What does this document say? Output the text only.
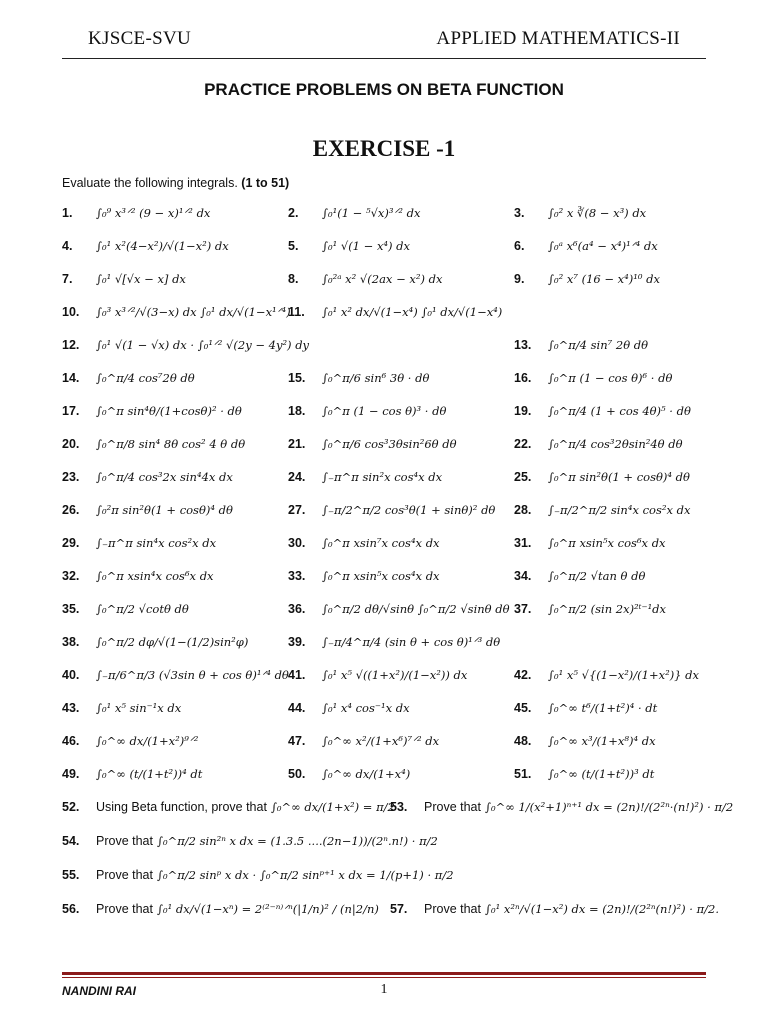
KJSCE-SVU	APPLIED MATHEMATICS-II
PRACTICE PROBLEMS ON BETA FUNCTION
EXERCISE -1
Evaluate the following integrals. (1 to 51)
1.	∫₀⁹ x³ᐟ² (9 − x)¹ᐟ² dx	2.	∫₀¹(1 − ⁵√x)³ᐟ² dx	3.	∫₀² x ∛(8 − x³) dx
4.	∫₀¹ x²(4−x²)/√(1−x²) dx	5.	∫₀¹ √(1 − x⁴) dx	6.	∫₀ᵃ x⁶(a⁴ − x⁴)¹ᐟ⁴ dx
7.	∫₀¹ √[√x − x] dx	8.	∫₀²ᵃ x² √(2ax − x²) dx	9.	∫₀² x⁷ (16 − x⁴)¹⁰ dx
10.	∫₀³ x³ᐟ²/√(3−x) dx ∫₀¹ dx/√(1−x¹ᐟ⁴)
11.	∫₀¹ x² dx/√(1−x⁴) ∫₀¹ dx/√(1−x⁴)
12.	∫₀¹ √(1 − √x) dx · ∫₀¹ᐟ² √(2y − 4y²) dy	13.	∫₀^π/4 sin⁷ 2θ dθ
14.	∫₀^π/4 cos⁷2θ dθ	15.	∫₀^π/6 sin⁶ 3θ · dθ	16.	∫₀^π (1 − cos θ)⁶ · dθ
17.	∫₀^π sin⁴θ/(1+cosθ)² · dθ	18.	∫₀^π (1 − cos θ)³ · dθ	19.	∫₀^π/4 (1 + cos 4θ)⁵ · dθ
20.	∫₀^π/8 sin⁴ 8θ cos² 4 θ dθ	21.	∫₀^π/6 cos³3θsin²6θ dθ	22.	∫₀^π/4 cos³2θsin²4θ dθ
23.	∫₀^π/4 cos³2x sin⁴4x dx	24.	∫₋π^π sin²x cos⁴x dx	25.	∫₀^π sin²θ(1 + cosθ)⁴ dθ
26.	∫₀²π sin²θ(1 + cosθ)⁴ dθ	27.	∫₋π/2^π/2 cos³θ(1 + sinθ)² dθ 28.	∫₋π/2^π/2 sin⁴x cos²x dx
29.	∫₋π^π sin⁴x cos²x dx	30.	∫₀^π xsin⁷x cos⁴x dx	31.	∫₀^π xsin⁵x cos⁶x dx
32.	∫₀^π xsin⁴x cos⁶x dx	33.	∫₀^π xsin⁵x cos⁴x dx	34.	∫₀^π/2 √tan θ dθ
35.	∫₀^π/2 √cotθ dθ	36.	∫₀^π/2 dθ/√sinθ ∫₀^π/2 √sinθ dθ 37.	∫₀^π/2 (sin 2x)²ᵗ⁻¹dx
38.	∫₀^π/2 dφ/√(1−(1/2)sin²φ)	39.	∫₋π/4^π/4 (sin θ + cos θ)¹ᐟ³ dθ
40.	∫₋π/6^π/3 (√3sin θ + cos θ)¹ᐟ⁴ dθ 41.	∫₀¹ x⁵ √((1+x²)/(1−x²)) dx	42.	∫₀¹ x⁵ √{(1−x²)/(1+x²)} dx
43.	∫₀¹ x⁵ sin⁻¹x dx	44.	∫₀¹ x⁴ cos⁻¹x dx	45.	∫₀^∞ t⁶/(1+t²)⁴ · dt
46.	∫₀^∞ dx/(1+x²)⁹ᐟ²	47.	∫₀^∞ x²/(1+x⁶)⁷ᐟ² dx	48.	∫₀^∞ x³/(1+x⁸)⁴ dx
49.	∫₀^∞ (t/(1+t²))⁴ dt	50.	∫₀^∞ dx/(1+x⁴)	51.	∫₀^∞ (t/(1+t²))³ dt
52.	Using Beta function, prove that ∫₀^∞ dx/(1+x²) = π/2
53.	Prove that ∫₀^∞ 1/(x²+1)ⁿ⁺¹ dx = (2n)!/(2²ⁿ·(n!)²) · π/2
54.	Prove that ∫₀^π/2 sin²ⁿ x dx = (1.3.5 ....(2n−1))/(2ⁿ.n!) · π/2
55.	Prove that ∫₀^π/2 sinᵖ x dx · ∫₀^π/2 sinᵖ⁺¹ x dx = 1/(p+1) · π/2
56.	Prove that ∫₀¹ dx/√(1−xⁿ) = 2⁽²⁻ⁿ⁾ᐟⁿ(|1/n)² / (n|2/n) 57.	Prove that ∫₀¹ x²ⁿ/√(1−x²) dx = (2n)!/(2²ⁿ(n!)²) · π/2.
NANDINI RAI	1
